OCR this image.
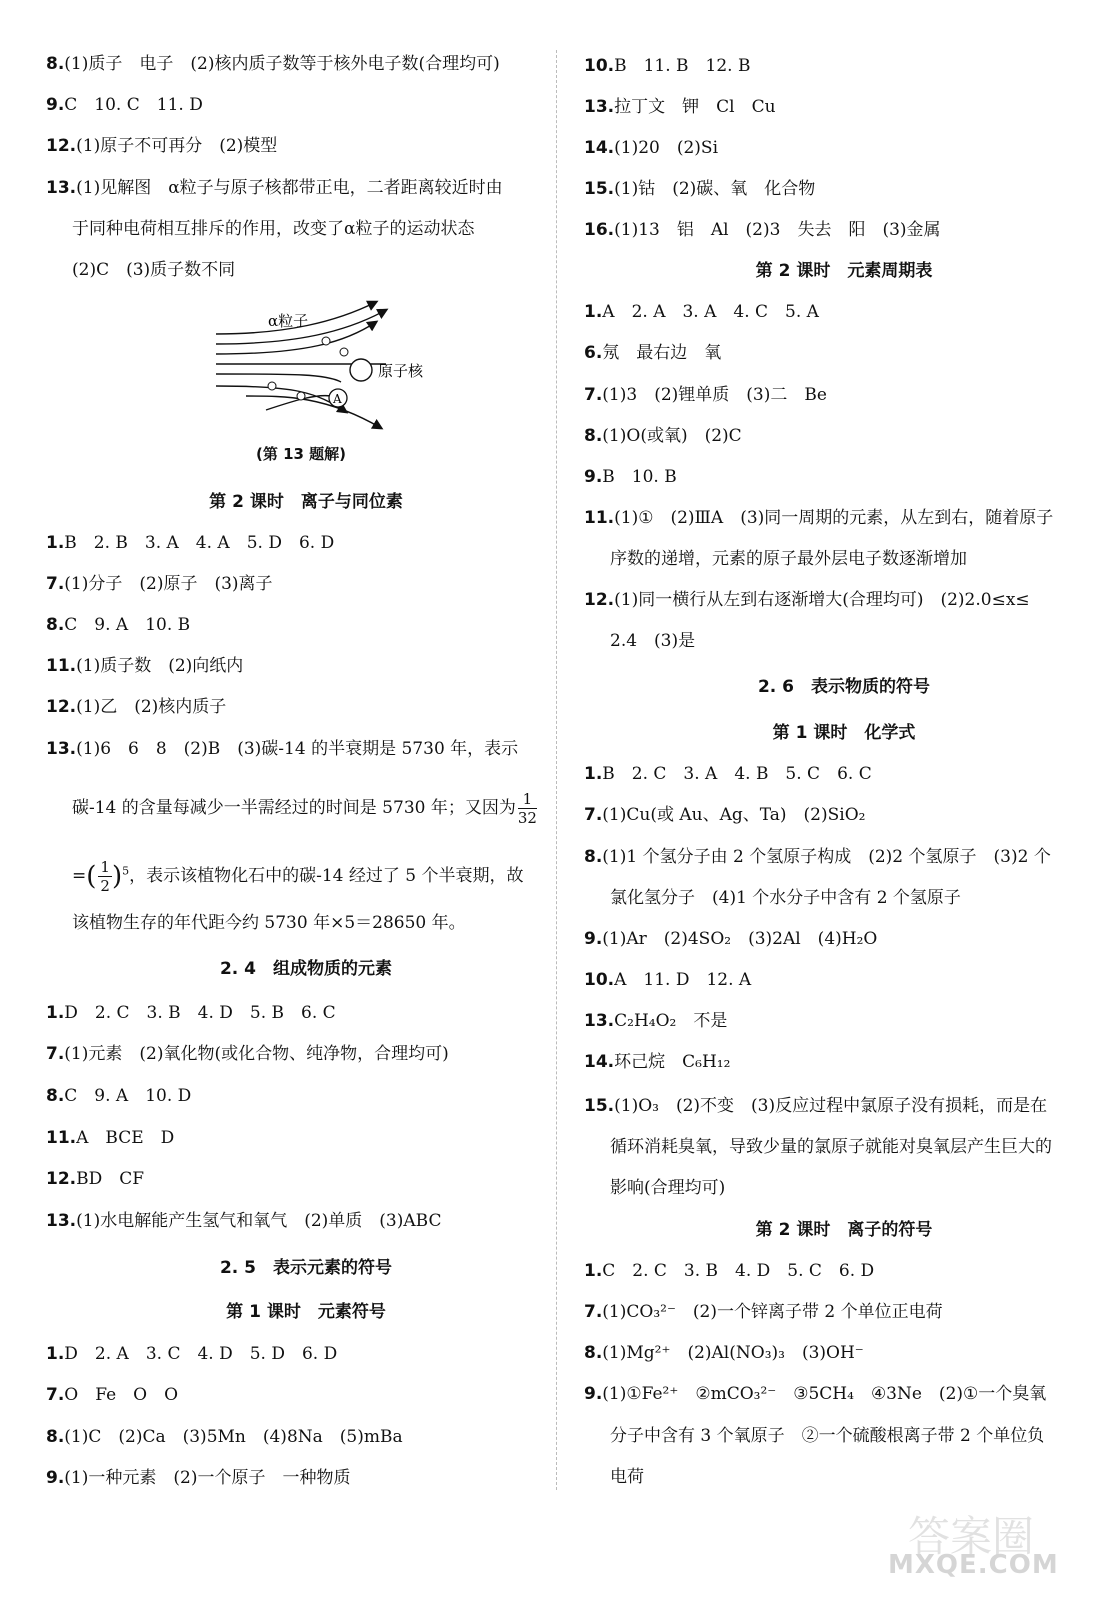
8.(1)质子　电子　(2)核内质子数等于核外电子数(合理均可)
9.C　10. C　11. D
12.(1)原子不可再分　(2)模型
13.(1)见解图　α粒子与原子核都带正电，二者距离较近时由
于同种电荷相互排斥的作用，改变了α粒子的运动状态
(2)C　(3)质子数不同
α粒子
原子核
A
(第 13 题解)
第 2 课时　离子与同位素
1.B　2. B　3. A　4. A　5. D　6. D
7.(1)分子　(2)原子　(3)离子
8.C　9. A　10. B
11.(1)质子数　(2)向纸内
12.(1)乙　(2)核内质子
13.(1)6　6　8　(2)B　(3)碳-14 的半衰期是 5730 年，表示
碳-14 的含量每减少一半需经过的时间是 5730 年；又因为 $\frac{1}{32}$
=( $\frac{1}{2} )^5$，表示该植物化石中的碳-14 经过了 5 个半衰期，故
该植物生存的年代距今约 5730 年×5＝28650 年。
2. 4　组成物质的元素
1.D　2. C　3. B　4. D　5. B　6. C
7.(1)元素　(2)氧化物(或化合物、纯净物，合理均可)
8.C　9. A　10. D
11.A　BCE　D
12.BD　CF
13.(1)水电解能产生氢气和氧气　(2)单质　(3)ABC
2. 5　表示元素的符号
第 1 课时　元素符号
1.D　2. A　3. C　4. D　5. D　6. D
7.O　Fe　O　O
8.(1)C　(2)Ca　(3)5Mn　(4)8Na　(5)mBa
9.(1)一种元素　(2)一个原子　一种物质
10.B　11. B　12. B
13.拉丁文　钾　Cl　Cu
14.(1)20　(2)Si
15.(1)钴　(2)碳、氧　化合物
16.(1)13　铝　Al　(2)3　失去　阳　(3)金属
第 2 课时　元素周期表
1.A　2. A　3. A　4. C　5. A
6.氖　最右边　氧
7.(1)3　(2)锂单质　(3)二　Be
8.(1)O(或氧)　(2)C
9.B　10. B
11.(1)①　(2)ⅢA　(3)同一周期的元素，从左到右，随着原子
序数的递增，元素的原子最外层电子数逐渐增加
12.(1)同一横行从左到右逐渐增大(合理均可)　(2)2.0≤x≤
2.4　(3)是
2. 6　表示物质的符号
第 1 课时　化学式
1.B　2. C　3. A　4. B　5. C　6. C
7.(1)Cu(或 Au、Ag、Ta)　(2)SiO₂
8.(1)1 个氢分子由 2 个氢原子构成　(2)2 个氢原子　(3)2 个
氯化氢分子　(4)1 个水分子中含有 2 个氢原子
9.(1)Ar　(2)4SO₂　(3)2Al　(4)H₂O
10.A　11. D　12. A
13.C₂H₄O₂　不是
14.环己烷　C₆H₁₂
15.(1)O₃　(2)不变　(3)反应过程中氯原子没有损耗，而是在
循环消耗臭氧，导致少量的氯原子就能对臭氧层产生巨大的
影响(合理均可)
第 2 课时　离子的符号
1.C　2. C　3. B　4. D　5. C　6. D
7.(1)CO₃²⁻　(2)一个锌离子带 2 个单位正电荷
8.(1)Mg²⁺　(2)Al(NO₃)₃　(3)OH⁻
9.(1)①Fe²⁺　②mCO₃²⁻　③5CH₄　④3Ne　(2)①一个臭氧
分子中含有 3 个氧原子　②一个硫酸根离子带 2 个单位负
电荷
答案圈
MXQE.COM
